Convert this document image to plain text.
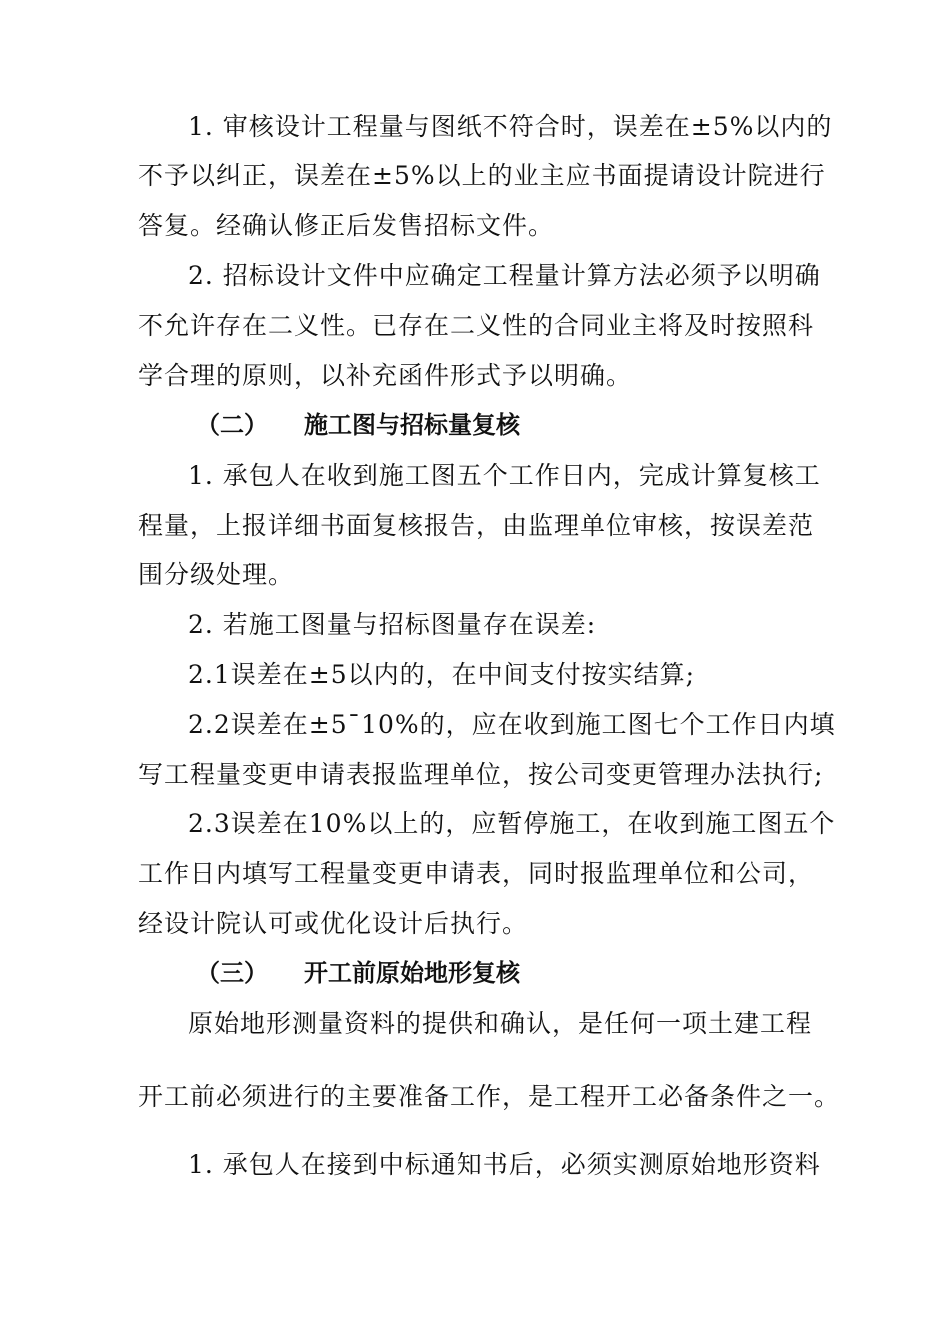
1. 审核设计工程量与图纸不符合时，误差在±5%以内的
不予以纠正，误差在±5%以上的业主应书面提请设计院进行
答复。经确认修正后发售招标文件。
2. 招标设计文件中应确定工程量计算方法必须予以明确
不允许存在二义性。已存在二义性的合同业主将及时按照科
学合理的原则，以补充函件形式予以明确。
（二） 施工图与招标量复核
1. 承包人在收到施工图五个工作日内，完成计算复核工
程量，上报详细书面复核报告，由监理单位审核，按误差范
围分级处理。
2. 若施工图量与招标图量存在误差:
2.1误差在±5以内的，在中间支付按实结算;
2.2误差在±5¯10%的，应在收到施工图七个工作日内填
写工程量变更申请表报监理单位，按公司变更管理办法执行;
2.3误差在10%以上的，应暂停施工，在收到施工图五个
工作日内填写工程量变更申请表，同时报监理单位和公司，
经设计院认可或优化设计后执行。
（三） 开工前原始地形复核
原始地形测量资料的提供和确认，是任何一项土建工程
开工前必须进行的主要准备工作，是工程开工必备条件之一。
1. 承包人在接到中标通知书后，必须实测原始地形资料
